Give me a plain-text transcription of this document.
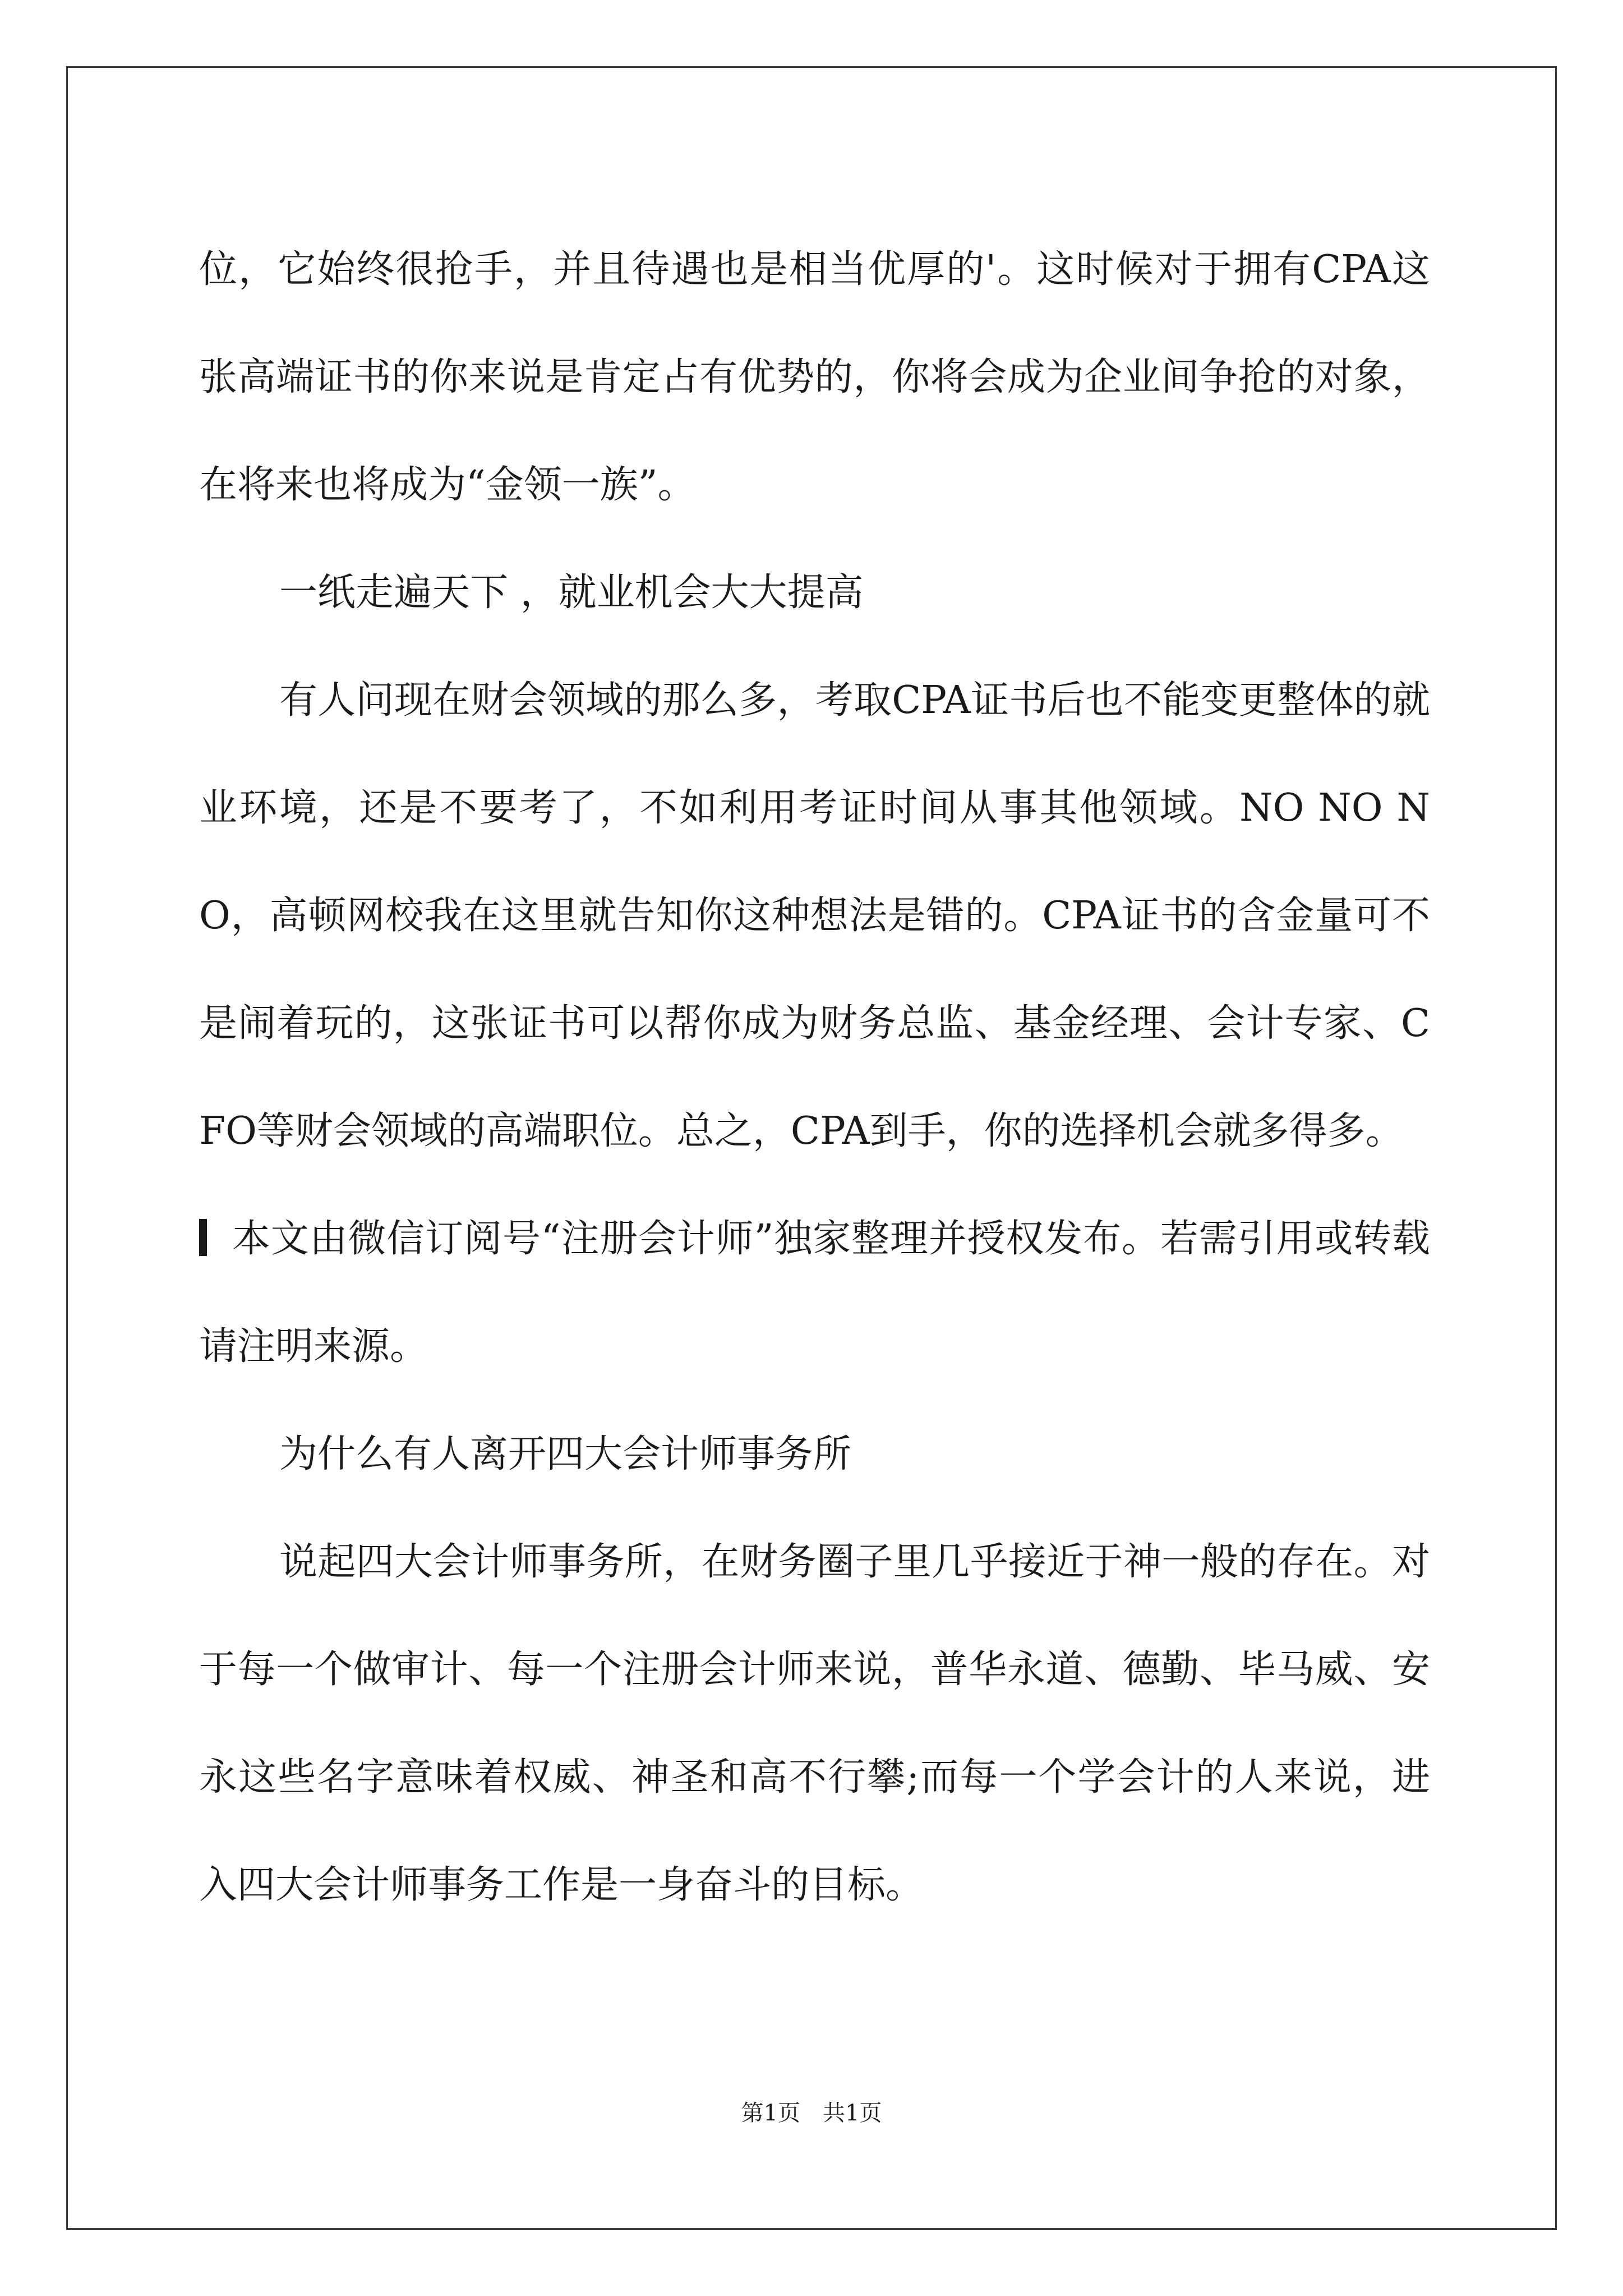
位，它始终很抢手，并且待遇也是相当优厚的'。这时候对于拥有CPA这张高端证书的你来说是肯定占有优势的，你将会成为企业间争抢的对象，在将来也将成为“金领一族”。

一纸走遍天下 ，就业机会大大提高

有人问现在财会领域的那么多，考取CPA证书后也不能变更整体的就业环境，还是不要考了，不如利用考证时间从事其他领域。NO NO NO，高顿网校我在这里就告知你这种想法是错的。CPA证书的含金量可不是闹着玩的，这张证书可以帮你成为财务总监、基金经理、会计专家、CFO等财会领域的高端职位。总之，CPA到手，你的选择机会就多得多。

本文由微信订阅号“注册会计师”独家整理并授权发布。若需引用或转载请注明来源。

为什么有人离开四大会计师事务所

说起四大会计师事务所，在财务圈子里几乎接近于神一般的存在。对于每一个做审计、每一个注册会计师来说，普华永道、德勤、毕马威、安永这些名字意味着权威、神圣和高不行攀;而每一个学会计的人来说，进入四大会计师事务工作是一身奋斗的目标。

第1页 共1页
